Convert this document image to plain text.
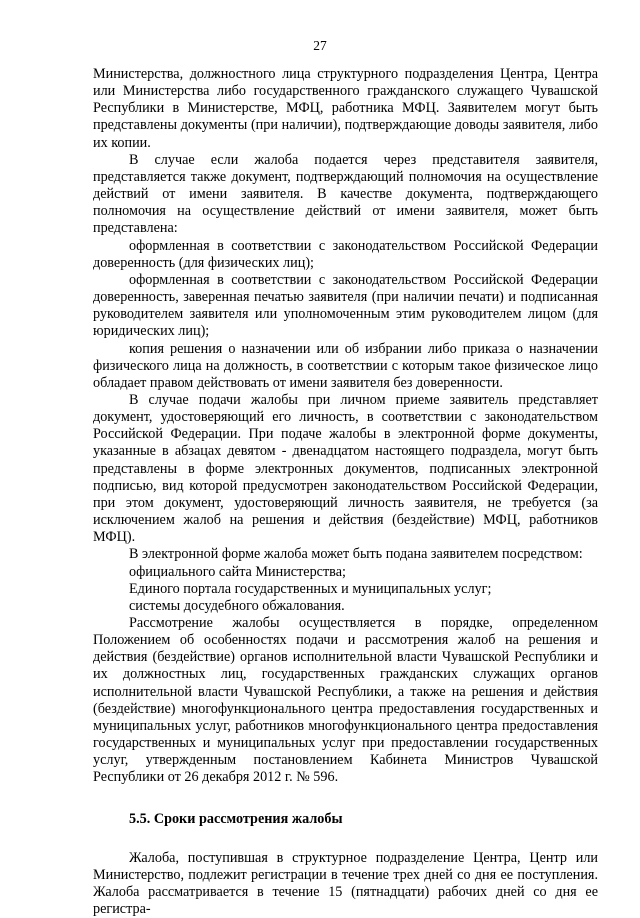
27

Министерства, должностного лица структурного подразделения Центра, Центра или Министерства либо государственного гражданского служащего Чувашской Республики в Министерстве, МФЦ, работника МФЦ. Заявителем могут быть представлены документы (при наличии), подтверждающие доводы заявителя, либо их копии.

В случае если жалоба подается через представителя заявителя, представляется также документ, подтверждающий полномочия на осуществление действий от имени заявителя. В качестве документа, подтверждающего полномочия на осуществление действий от имени заявителя, может быть представлена:

оформленная в соответствии с законодательством Российской Федерации доверенность (для физических лиц);

оформленная в соответствии с законодательством Российской Федерации доверенность, заверенная печатью заявителя (при наличии печати) и подписанная руководителем заявителя или уполномоченным этим руководителем лицом (для юридических лиц);

копия решения о назначении или об избрании либо приказа о назначении физического лица на должность, в соответствии с которым такое физическое лицо обладает правом действовать от имени заявителя без доверенности.

В случае подачи жалобы при личном приеме заявитель представляет документ, удостоверяющий его личность, в соответствии с законодательством Российской Федерации. При подаче жалобы в электронной форме документы, указанные в абзацах девятом - двенадцатом настоящего подраздела, могут быть представлены в форме электронных документов, подписанных электронной подписью, вид которой предусмотрен законодательством Российской Федерации, при этом документ, удостоверяющий личность заявителя, не требуется (за исключением жалоб на решения и действия (бездействие) МФЦ, работников МФЦ).

В электронной форме жалоба может быть подана заявителем посредством:

официального сайта Министерства;

Единого портала государственных и муниципальных услуг;

системы досудебного обжалования.

Рассмотрение жалобы осуществляется в порядке, определенном Положением об особенностях подачи и рассмотрения жалоб на решения и действия (бездействие) органов исполнительной власти Чувашской Республики и их должностных лиц, государственных гражданских служащих органов исполнительной власти Чувашской Республики, а также на решения и действия (бездействие) многофункционального центра предоставления государственных и муниципальных услуг, работников многофункционального центра предоставления государственных и муниципальных услуг при предоставлении государственных услуг, утвержденным постановлением Кабинета Министров Чувашской Республики от 26 декабря 2012 г. № 596.

5.5. Сроки рассмотрения жалобы

Жалоба, поступившая в структурное подразделение Центра, Центр или Министерство, подлежит регистрации в течение трех дней со дня ее поступления. Жалоба рассматривается в течение 15 (пятнадцати) рабочих дней со дня ее регистра-
